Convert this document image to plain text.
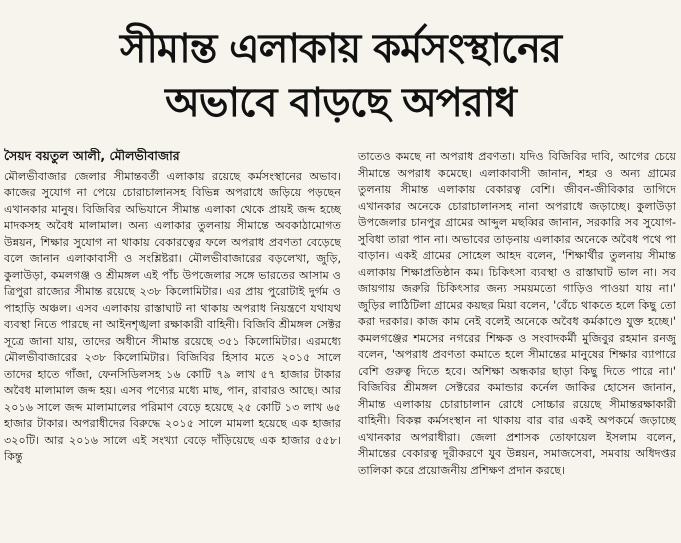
সীমান্ত এলাকায় কর্মসংস্থানের
অভাবে বাড়ছে অপরাধ
সৈয়দ বয়তুল আলী, মৌলভীবাজার

মৌলভীবাজার জেলার সীমান্তবর্তী এলাকায় রয়েছে কর্মসংস্থানের অভাব। কাজের সুযোগ না পেয়ে চোরাচালানসহ বিভিন্ন অপরাধে জড়িয়ে পড়ছেন এখানকার মানুষ। বিজিবির অভিযানে সীমান্ত এলাকা থেকে প্রায়ই জব্দ হচ্ছে মাদকসহ অবৈধ মালামাল। অন্য এলাকার তুলনায় সীমান্তে অবকাঠামোগত উন্নয়ন, শিক্ষার সুযোগ না থাকায় বেকারত্বের ফলে অপরাধ প্রবণতা বেড়েছে বলে জানান এলাকাবাসী ও সংশ্লিষ্টরা। মৌলভীবাজারের বড়লেখা, জুড়ি, কুলাউড়া, কমলগঞ্জ ও শ্রীমঙ্গল এই পাঁচ উপজেলার সঙ্গে ভারতের আসাম ও ত্রিপুরা রাজ্যের সীমান্ত রয়েছে ২৩৮ কিলোমিটার। এর প্রায় পুরোটাই দুর্গম ও পাহাড়ি অঞ্চল। এসব এলাকায় রাস্তাঘাট না থাকায় অপরাধ নিয়ন্ত্রণে যথাযথ ব্যবস্থা নিতে পারছে না আইনশৃঙ্খলা রক্ষাকারী বাহিনী। বিজিবি শ্রীমঙ্গল সেক্টর সূত্রে জানা যায়, তাদের অধীনে সীমান্ত রয়েছে ৩৫১ কিলোমিটার। এরমধ্যে মৌলভীবাজারের ২৩৮ কিলোমিটার। বিজিবির হিসাব মতে ২০১৫ সালে তাদের হাতে গাঁজা, ফেনসিডিলসহ ১৬ কোটি ৭৯ লাখ ৫৭ হাজার টাকার অবৈধ মালামাল জব্দ হয়। এসব পণ্যের মধ্যে মাছ, পান, রাবারও আছে। আর ২০১৬ সালে জব্দ মালামালের পরিমাণ বেড়ে হয়েছে ২৫ কোটি ১৩ লাখ ৬৫ হাজার টাকার। অপরাধীদের বিরুদ্ধে ২০১৫ সালে মামলা হয়েছে এক হাজার ৩২০টি। আর ২০১৬ সালে এই সংখ্যা বেড়ে দাঁড়িয়েছে এক হাজার ৫৫৮। কিন্তু

তাতেও কমছে না অপরাধ প্রবণতা। যদিও বিজিবির দাবি, আগের চেয়ে সীমান্তে অপরাধ কমেছে। এলাকাবাসী জানান, শহর ও অন্য গ্রামের তুলনায় সীমান্ত এলাকায় বেকারত্ব বেশি। জীবন-জীবিকার তাগিদে এখানকার অনেকে চোরাচালানসহ নানা অপরাধে জড়াচ্ছে। কুলাউড়া উপজেলার চানপুর গ্রামের আব্দুল মছব্বির জানান, সরকারি সব সুযোগ-সুবিধা তারা পান না। অভাবের তাড়নায় এলাকার অনেকে অবৈধ পথে পা বাড়ান। একই গ্রামের সোহেল আহদ বলেন, 'শিক্ষার্থীর তুলনায় সীমান্ত এলাকায় শিক্ষাপ্রতিষ্ঠান কম। চিকিৎসা ব্যবস্থা ও রাস্তাঘাট ভাল না। সব জায়গায় জরুরি চিকিৎসার জন্য সময়মতো গাড়িও পাওয়া যায় না।' জুড়ির লাঠিটিলা গ্রামের কয়ছর মিয়া বলেন, 'বেঁচে থাকতে হলে কিছু তো করা দরকার। কাজ কাম নেই বলেই অনেকে অবৈধ কর্মকাণ্ডে যুক্ত হচ্ছে।' কমলগঞ্জের শমসের নগরের শিক্ষক ও সংবাদকর্মী মুজিবুর রহমান রনজু বলেন, 'অপরাধ প্রবণতা কমাতে হলে সীমান্তের মানুষের শিক্ষার ব্যাপারে বেশি গুরুত্ব দিতে হবে। অশিক্ষা অন্ধকার ছাড়া কিছু দিতে পারে না।' বিজিবির শ্রীমঙ্গল সেক্টরের কমান্ডার কর্নেল জাকির হোসেন জানান, সীমান্ত এলাকায় চোরাচালান রোধে সোচ্চার রয়েছে সীমান্তরক্ষাকারী বাহিনী। বিকল্প কর্মসংস্থান না থাকায় বার বার একই অপকর্মে জড়াচ্ছে এখানকার অপরাধীরা। জেলা প্রশাসক তোফায়েল ইসলাম বলেন, সীমান্তের বেকারত্ব দূরীকরণে যুব উন্নয়ন, সমাজসেবা, সমবায় অধিদপ্তর তালিকা করে প্রয়োজনীয় প্রশিক্ষণ প্রদান করছে।
